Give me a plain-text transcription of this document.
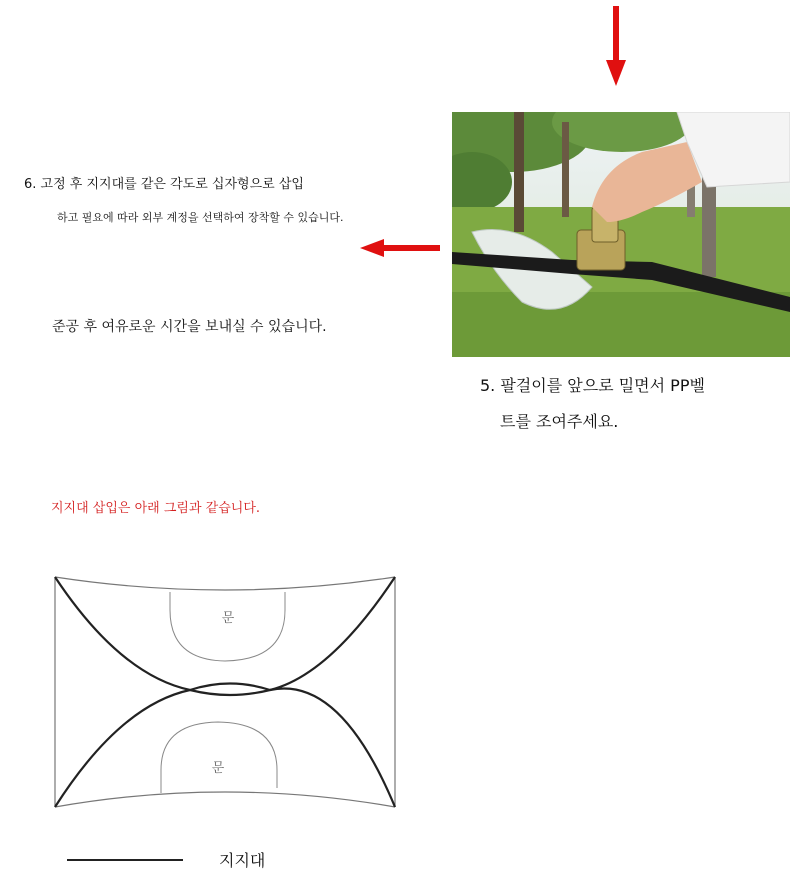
6. 고정 후 지지대를 같은 각도로 십자형으로 삽입
하고 필요에 따라 외부 계정을 선택하여 장착할 수 있습니다.
준공 후 여유로운 시간을 보내실 수 있습니다.
5. 팔걸이를 앞으로 밀면서 PP벨
트를 조여주세요.
지지대 삽입은 아래 그림과 같습니다.
문
문
지지대
